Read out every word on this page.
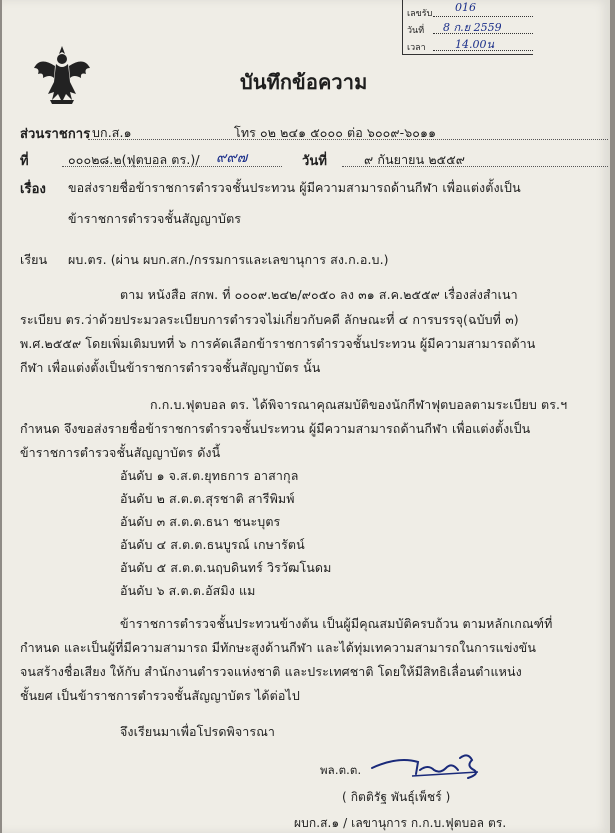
เลขรับ 016
วันที่ 8 ก.ย 2559
เวลา	14.00น
บันทึกข้อความ
ส่วนราชการ บก.ส.๑	โทร ๐๒ ๒๔๑ ๕๐๐๐ ต่อ ๖๐๐๙-๖๐๑๑
ที่	๐๐๐๒๘.๒(ฟุตบอล ตร.)/ ๙๙๗	วันที่	๙ กันยายน ๒๕๕๙
เรื่อง ขอส่งรายชื่อข้าราชการตำรวจชั้นประทวน ผู้มีความสามารถด้านกีฬา เพื่อแต่งตั้งเป็น
ข้าราชการตำรวจชั้นสัญญาบัตร
เรียน ผบ.ตร. (ผ่าน ผบก.สก./กรรมการและเลขานุการ สง.ก.อ.บ.)
ตาม หนังสือ สกพ. ที่ ๐๐๐๙.๒๔๒/๙๐๕๐ ลง ๓๑ ส.ค.๒๕๕๙ เรื่องส่งสำเนา
ระเบียบ ตร.ว่าด้วยประมวลระเบียบการตำรวจไม่เกี่ยวกับคดี ลักษณะที่ ๔ การบรรจุ(ฉบับที่ ๓)
พ.ศ.๒๕๕๙ โดยเพิ่มเติมบทที่ ๖ การคัดเลือกข้าราชการตำรวจชั้นประทวน ผู้มีความสามารถด้าน
กีฬา เพื่อแต่งตั้งเป็นข้าราชการตำรวจชั้นสัญญาบัตร นั้น
ก.ก.บ.ฟุตบอล ตร. ได้พิจารณาคุณสมบัติของนักกีฬาฟุตบอลตามระเบียบ ตร.ฯ
กำหนด จึงขอส่งรายชื่อข้าราชการตำรวจชั้นประทวน ผู้มีความสามารถด้านกีฬา เพื่อแต่งตั้งเป็น
ข้าราชการตำรวจชั้นสัญญาบัตร ดังนี้
อันดับ ๑ จ.ส.ต.ยุทธการ อาสากุล
อันดับ ๒ ส.ต.ต.สุรชาติ สารีพิมพ์
อันดับ ๓ ส.ต.ต.ธนา ชนะบุตร
อันดับ ๔ ส.ต.ต.ธนบูรณ์ เกษารัตน์
อันดับ ๕ ส.ต.ต.นฤบดินทร์ วิรวัฒโนดม
อันดับ ๖ ส.ต.ต.อัสมิง แม
ข้าราชการตำรวจชั้นประทวนข้างต้น เป็นผู้มีคุณสมบัติครบถ้วน ตามหลักเกณฑ์ที่
กำหนด และเป็นผู้ที่มีความสามารถ มีทักษะสูงด้านกีฬา และได้ทุ่มเทความสามารถในการแข่งขัน
จนสร้างชื่อเสียง ให้กับ สำนักงานตำรวจแห่งชาติ และประเทศชาติ โดยให้มีสิทธิเลื่อนตำแหน่ง
ชั้นยศ เป็นข้าราชการตำรวจชั้นสัญญาบัตร ได้ต่อไป
จึงเรียนมาเพื่อโปรดพิจารณา
พล.ต.ต.
( กิตติรัฐ พันธุ์เพ็ชร์ )
ผบก.ส.๑ / เลขานุการ ก.ก.บ.ฟุตบอล ตร.
